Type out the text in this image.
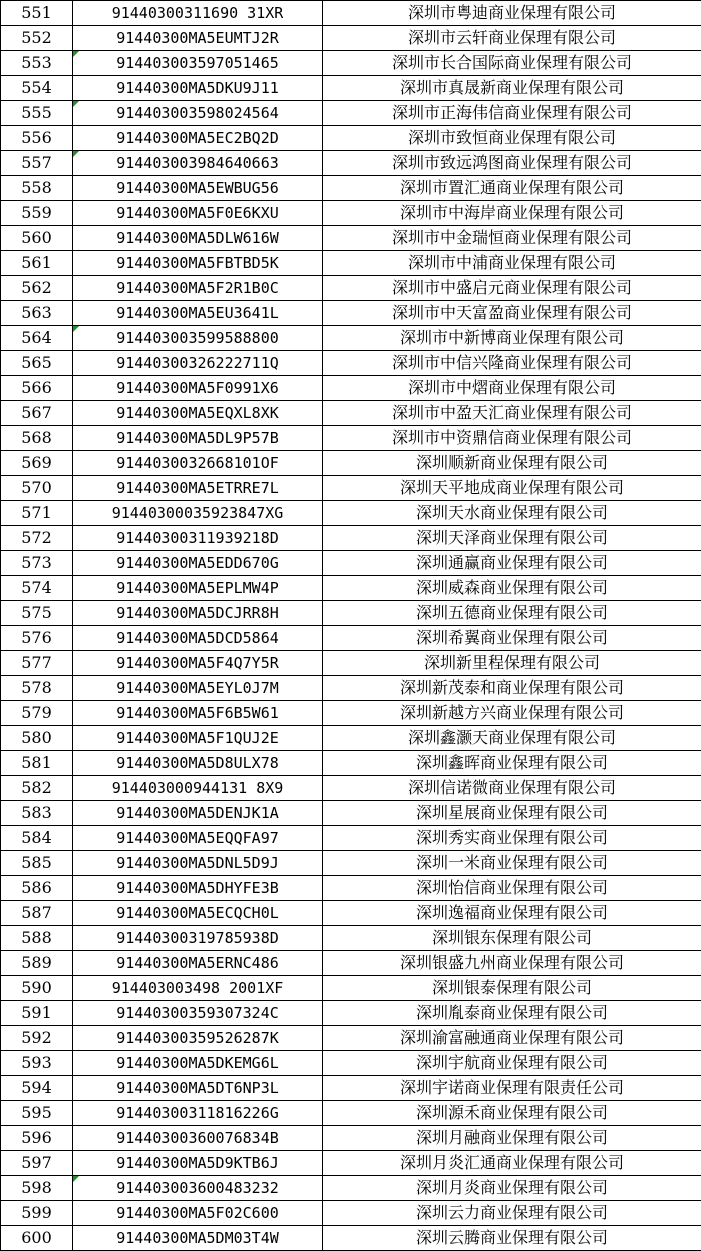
551	91440300311690 31XR	深圳市粤迪商业保理有限公司
552	91440300MA5EUMTJ2R	深圳市云轩商业保理有限公司
553	914403003597051465	深圳市长合国际商业保理有限公司
554	91440300MA5DKU9J11	深圳市真晟新商业保理有限公司
555	914403003598024564	深圳市正海伟信商业保理有限公司
556	91440300MA5EC2BQ2D	深圳市致恒商业保理有限公司
557	914403003984640663	深圳市致远鸿图商业保理有限公司
558	91440300MA5EWBUG56	深圳市置汇通商业保理有限公司
559	91440300MA5F0E6KXU	深圳市中海岸商业保理有限公司
560	91440300MA5DLW616W	深圳市中金瑞恒商业保理有限公司
561	91440300MA5FBTBD5K	深圳市中浦商业保理有限公司
562	91440300MA5F2R1B0C	深圳市中盛启元商业保理有限公司
563	91440300MA5EU3641L	深圳市中天富盈商业保理有限公司
564	914403003599588800	深圳市中新博商业保理有限公司
565	91440300326222711Q	深圳市中信兴隆商业保理有限公司
566	91440300MA5F0991X6	深圳市中熠商业保理有限公司
567	91440300MA5EQXL8XK	深圳市中盈天汇商业保理有限公司
568	91440300MA5DL9P57B	深圳市中资鼎信商业保理有限公司
569	9144030032668101OF	深圳顺新商业保理有限公司
570	91440300MA5ETRRE7L	深圳天平地成商业保理有限公司
571	91440300035923847XG	深圳天水商业保理有限公司
572	91440300311939218D	深圳天泽商业保理有限公司
573	91440300MA5EDD670G	深圳通赢商业保理有限公司
574	91440300MA5EPLMW4P	深圳威森商业保理有限公司
575	91440300MA5DCJRR8H	深圳五德商业保理有限公司
576	91440300MA5DCD5864	深圳希翼商业保理有限公司
577	91440300MA5F4Q7Y5R	深圳新里程保理有限公司
578	91440300MA5EYL0J7M	深圳新茂泰和商业保理有限公司
579	91440300MA5F6B5W61	深圳新越方兴商业保理有限公司
580	91440300MA5F1QUJ2E	深圳鑫灏天商业保理有限公司
581	91440300MA5D8ULX78	深圳鑫晖商业保理有限公司
582	914403000944131 8X9	深圳信诺微商业保理有限公司
583	91440300MA5DENJK1A	深圳星展商业保理有限公司
584	91440300MA5EQQFA97	深圳秀实商业保理有限公司
585	91440300MA5DNL5D9J	深圳一米商业保理有限公司
586	91440300MA5DHYFE3B	深圳怡信商业保理有限公司
587	91440300MA5ECQCH0L	深圳逸福商业保理有限公司
588	91440300319785938D	深圳银东保理有限公司
589	91440300MA5ERNC486	深圳银盛九州商业保理有限公司
590	914403003498 2001XF	深圳银泰保理有限公司
591	91440300359307324C	深圳胤泰商业保理有限公司
592	91440300359526287K	深圳渝富融通商业保理有限公司
593	91440300MA5DKEMG6L	深圳宇航商业保理有限公司
594	91440300MA5DT6NP3L	深圳宇诺商业保理有限责任公司
595	91440300311816226G	深圳源禾商业保理有限公司
596	91440300360076834B	深圳月融商业保理有限公司
597	91440300MA5D9KTB6J	深圳月炎汇通商业保理有限公司
598	914403003600483232	深圳月炎商业保理有限公司
599	91440300MA5F02C600	深圳云力商业保理有限公司
600	91440300MA5DM03T4W	深圳云腾商业保理有限公司
